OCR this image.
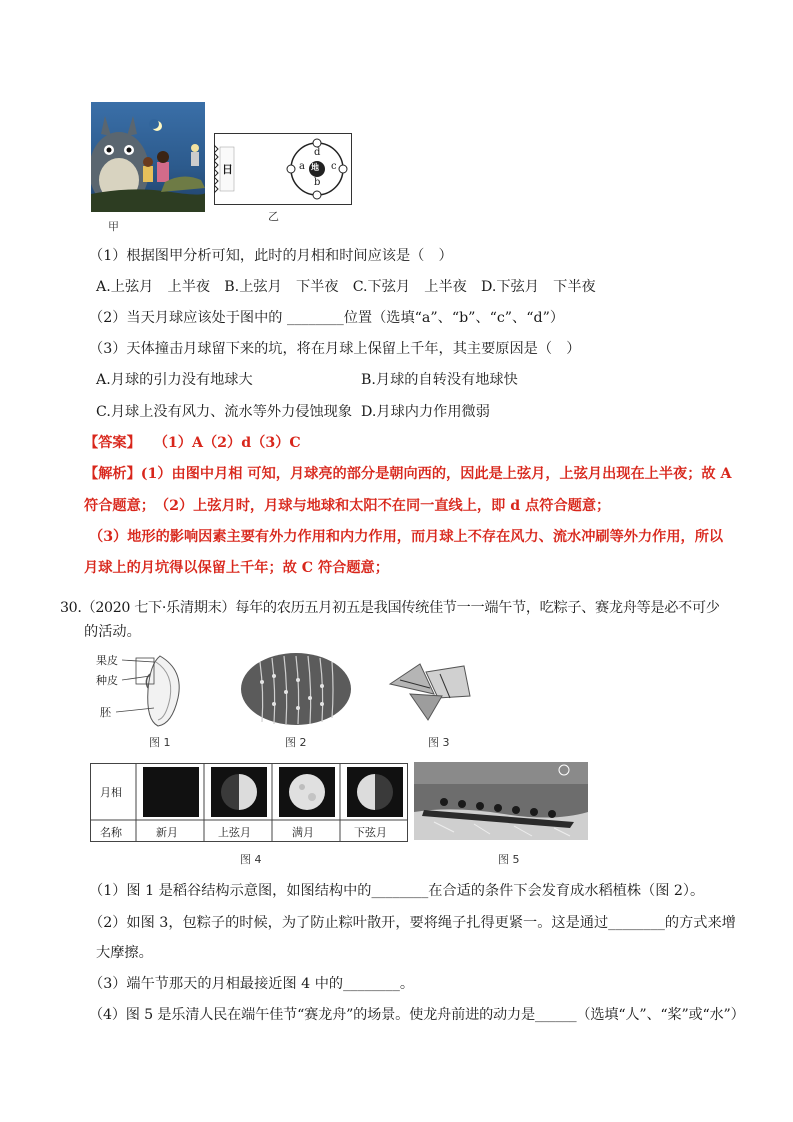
甲
日	地
a
b
c
d
乙
（1）根据图甲分析可知，此时的月相和时间应该是（　）
A.上弦月　上半夜　B.上弦月　下半夜　C.下弦月　上半夜　D.下弦月　下半夜
（2）当天月球应该处于图中的 ________位置（选填“a”、“b”、“c”、“d”）
（3）天体撞击月球留下来的坑，将在月球上保留上千年，其主要原因是（　）
A.月球的引力没有地球大	B.月球的自转没有地球快
C.月球上没有风力、流水等外力侵蚀现象 D.月球内力作用微弱
【答案】 （1）A（2）d（3）C
【解析】(1）由图中月相 可知，月球亮的部分是朝向西的，因此是上弦月，上弦月出现在上半夜；故 A
符合题意；　（2）上弦月时，月球与地球和太阳不在同一直线上，即 d 点符合题意；
（3）地形的影响因素主要有外力作用和内力作用，而月球上不存在风力、流水冲刷等外力作用，所以
月球上的月坑得以保留上千年；故 C 符合题意；
30.（2020 七下·乐清期末）每年的农历五月初五是我国传统佳节一一端午节，吃粽子、赛龙舟等是必不可少
的活动。
果皮
种皮
胚
图 1	图 2	图 3
月相
名称	新月	上弦月	满月	下弦月
图 4	图 5
（1）图 1 是稻谷结构示意图，如图结构中的________在合适的条件下会发育成水稻植株（图 2）。
（2）如图 3，包粽子的时候，为了防止粽叶散开，要将绳子扎得更紧一。这是通过________的方式来增
大摩擦。
（3）端午节那天的月相最接近图 4 中的________。
（4）图 5 是乐清人民在端午佳节“赛龙舟”的场景。使龙舟前进的动力是______（选填“人”、“桨”或“水”）
